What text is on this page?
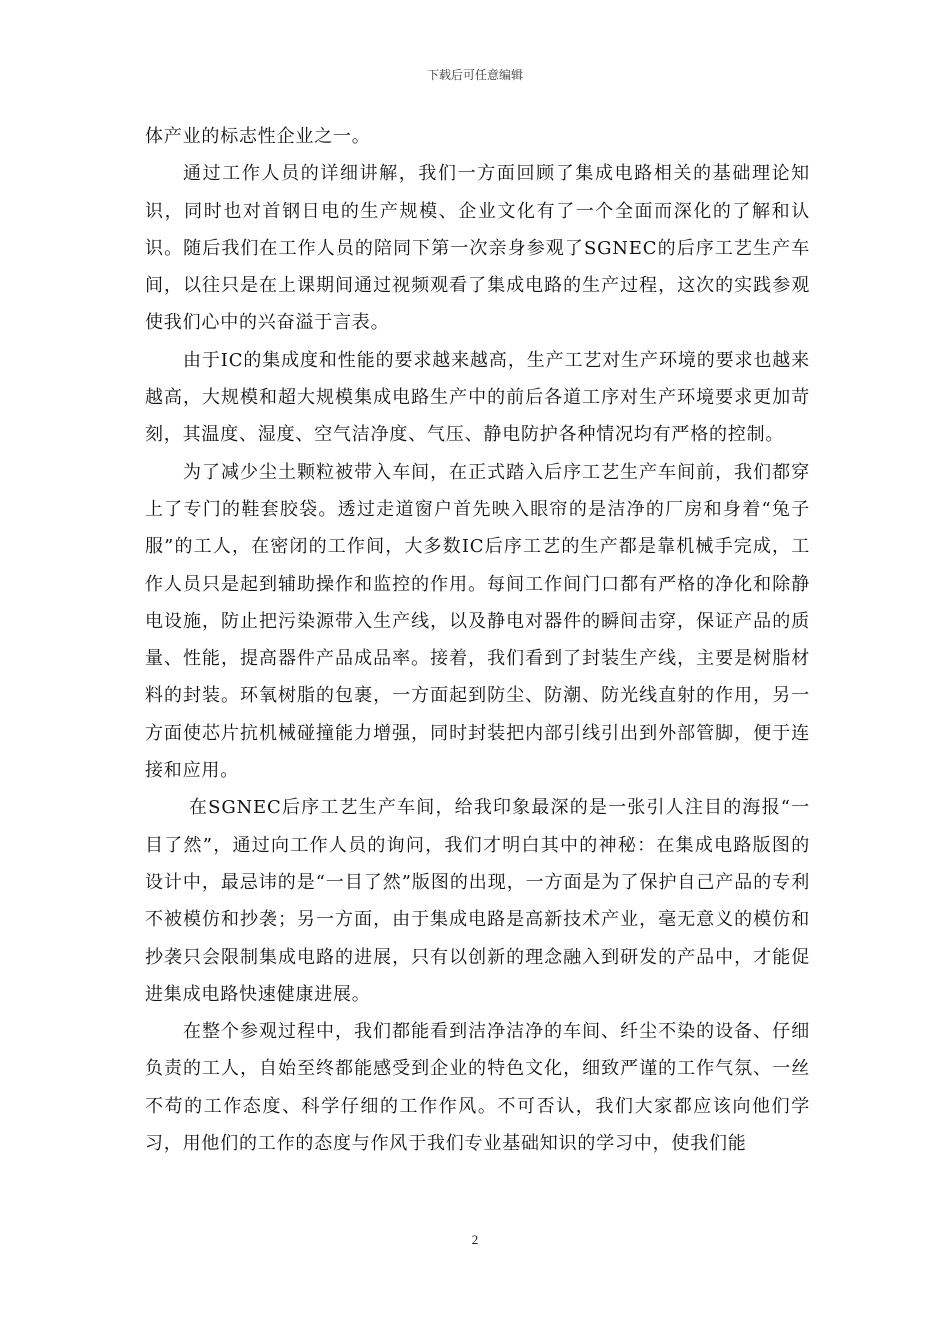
下载后可任意编辑

体产业的标志性企业之一。

通过工作人员的详细讲解，我们一方面回顾了集成电路相关的基础理论知识，同时也对首钢日电的生产规模、企业文化有了一个全面而深化的了解和认识。随后我们在工作人员的陪同下第一次亲身参观了SGNEC的后序工艺生产车间，以往只是在上课期间通过视频观看了集成电路的生产过程，这次的实践参观使我们心中的兴奋溢于言表。

由于IC的集成度和性能的要求越来越高，生产工艺对生产环境的要求也越来越高，大规模和超大规模集成电路生产中的前后各道工序对生产环境要求更加苛刻，其温度、湿度、空气洁净度、气压、静电防护各种情况均有严格的控制。

为了减少尘土颗粒被带入车间，在正式踏入后序工艺生产车间前，我们都穿上了专门的鞋套胶袋。透过走道窗户首先映入眼帘的是洁净的厂房和身着“兔子服”的工人，在密闭的工作间，大多数IC后序工艺的生产都是靠机械手完成，工作人员只是起到辅助操作和监控的作用。每间工作间门口都有严格的净化和除静电设施，防止把污染源带入生产线，以及静电对器件的瞬间击穿，保证产品的质量、性能，提高器件产品成品率。接着，我们看到了封装生产线，主要是树脂材料的封装。环氧树脂的包裹，一方面起到防尘、防潮、防光线直射的作用，另一方面使芯片抗机械碰撞能力增强，同时封装把内部引线引出到外部管脚，便于连接和应用。

在SGNEC后序工艺生产车间，给我印象最深的是一张引人注目的海报“一目了然”，通过向工作人员的询问，我们才明白其中的神秘：在集成电路版图的设计中，最忌讳的是“一目了然”版图的出现，一方面是为了保护自己产品的专利不被模仿和抄袭；另一方面，由于集成电路是高新技术产业，毫无意义的模仿和抄袭只会限制集成电路的进展，只有以创新的理念融入到研发的产品中，才能促进集成电路快速健康进展。

在整个参观过程中，我们都能看到洁净洁净的车间、纤尘不染的设备、仔细负责的工人，自始至终都能感受到企业的特色文化，细致严谨的工作气氛、一丝不苟的工作态度、科学仔细的工作作风。不可否认，我们大家都应该向他们学习，用他们的工作的态度与作风于我们专业基础知识的学习中，使我们能

2
